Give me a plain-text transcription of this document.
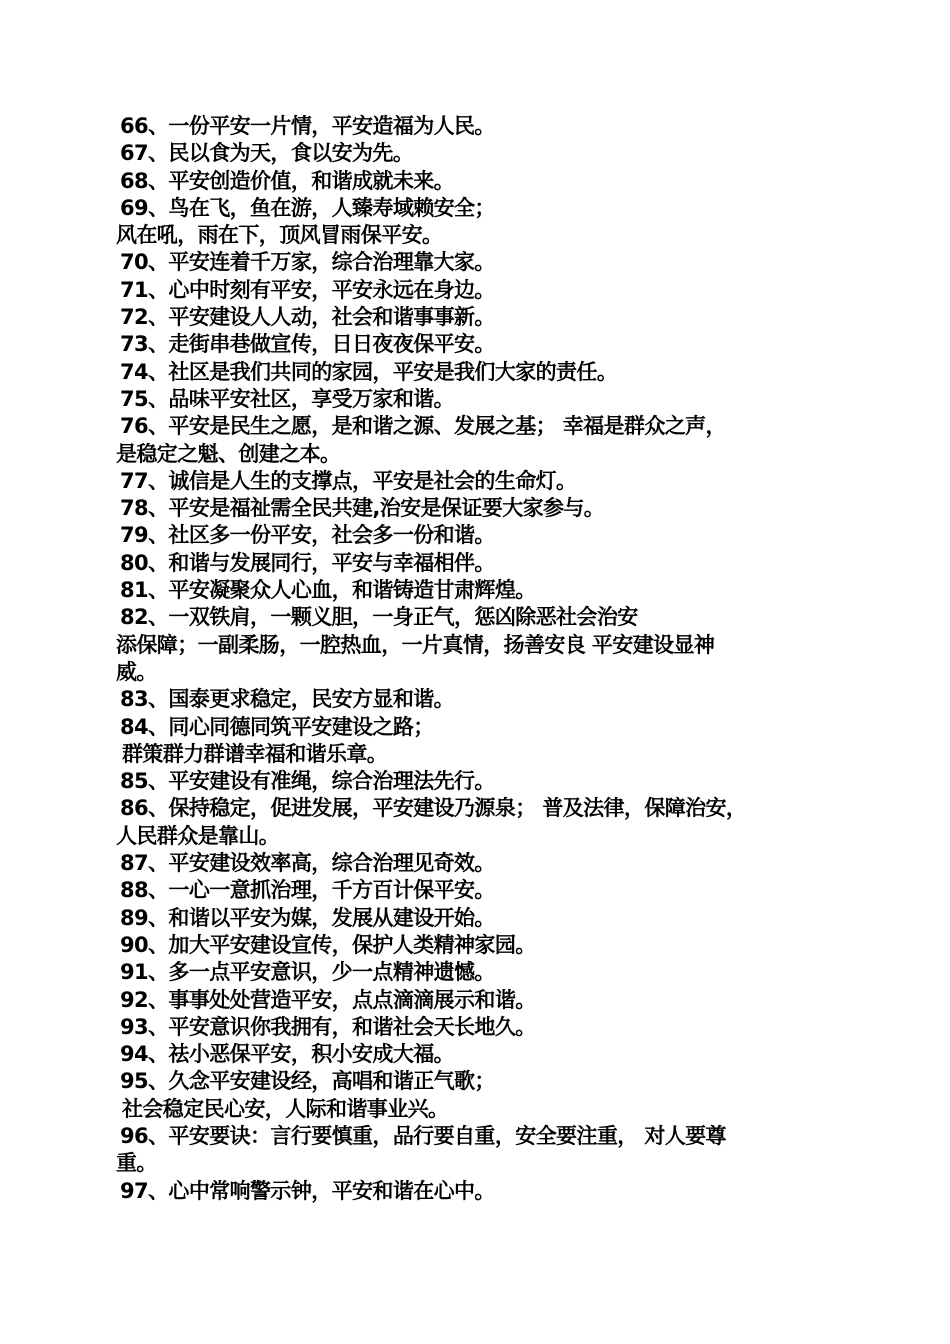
66、一份平安一片情，平安造福为人民。
67、民以食为天，食以安为先。
68、平安创造价值，和谐成就未来。
69、鸟在飞，鱼在游，人臻寿域赖安全；
风在吼，雨在下，顶风冒雨保平安。
70、平安连着千万家，综合治理靠大家。
71、心中时刻有平安，平安永远在身边。
72、平安建设人人动，社会和谐事事新。
73、走街串巷做宣传，日日夜夜保平安。
74、社区是我们共同的家园，平安是我们大家的责任。
75、品味平安社区，享受万家和谐。
76、平安是民生之愿，是和谐之源、发展之基； 幸福是群众之声，
是稳定之魁、创建之本。
77、诚信是人生的支撑点，平安是社会的生命灯。
78、平安是福祉需全民共建,治安是保证要大家参与。
79、社区多一份平安，社会多一份和谐。
80、和谐与发展同行，平安与幸福相伴。
81、平安凝聚众人心血，和谐铸造甘肃辉煌。
82、一双铁肩，一颗义胆，一身正气，惩凶除恶社会治安
添保障；一副柔肠，一腔热血，一片真情，扬善安良 平安建设显神
威。
83、国泰更求稳定，民安方显和谐。
84、同心同德同筑平安建设之路；
群策群力群谱幸福和谐乐章。
85、平安建设有准绳，综合治理法先行。
86、保持稳定，促进发展，平安建设乃源泉； 普及法律，保障治安，
人民群众是靠山。
87、平安建设效率高，综合治理见奇效。
88、一心一意抓治理，千方百计保平安。
89、和谐以平安为媒，发展从建设开始。
90、加大平安建设宣传，保护人类精神家园。
91、多一点平安意识，少一点精神遗憾。
92、事事处处营造平安，点点滴滴展示和谐。
93、平安意识你我拥有，和谐社会天长地久。
94、祛小恶保平安，积小安成大福。
95、久念平安建设经，高唱和谐正气歌；
社会稳定民心安，人际和谐事业兴。
96、平安要诀：言行要慎重，品行要自重，安全要注重， 对人要尊
重。
97、心中常响警示钟，平安和谐在心中。
